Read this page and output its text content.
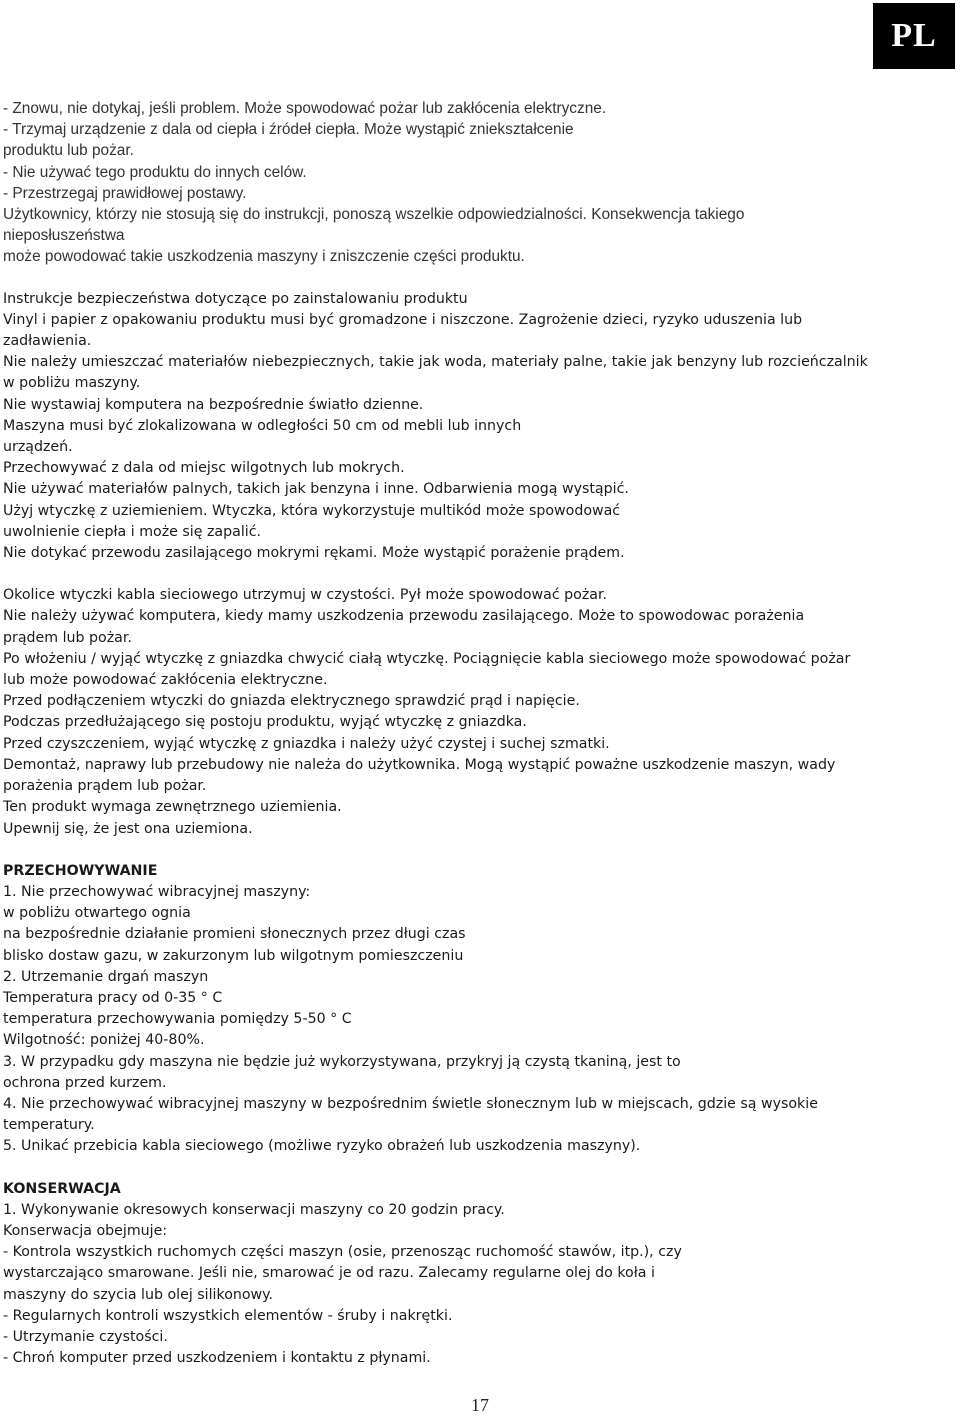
PL

- Znowu, nie dotykaj, jeśli problem. Może spowodować pożar lub zakłócenia elektryczne.

- Trzymaj urządzenie z dala od ciepła i źródeł ciepła. Może wystąpić zniekształcenie

produktu lub pożar.

- Nie używać tego produktu do innych celów.

- Przestrzegaj prawidłowej postawy.

Użytkownicy, którzy nie stosują się do instrukcji, ponoszą wszelkie odpowiedzialności. Konsekwencja takiego

nieposłuszeństwa

może powodować takie uszkodzenia maszyny i zniszczenie części produktu.

Instrukcje bezpieczeństwa dotyczące po zainstalowaniu produktu

Vinyl i papier z opakowaniu produktu musi być gromadzone i niszczone. Zagrożenie dzieci, ryzyko uduszenia lub

zadławienia.

Nie należy umieszczać materiałów niebezpiecznych, takie jak woda, materiały palne, takie jak benzyny lub rozcieńczalnik

w pobliżu maszyny.

Nie wystawiaj komputera na bezpośrednie światło dzienne.

Maszyna musi być zlokalizowana w odległości 50 cm od mebli lub innych

urządzeń.

Przechowywać z dala od miejsc wilgotnych lub mokrych.

Nie używać materiałów palnych, takich jak benzyna i inne. Odbarwienia mogą wystąpić.

Użyj wtyczkę z uziemieniem. Wtyczka, która wykorzystuje multikód może spowodować

uwolnienie ciepła i może się zapalić.

Nie dotykać przewodu zasilającego mokrymi rękami. Może wystąpić porażenie prądem.

Okolice wtyczki kabla sieciowego utrzymuj w czystości. Pył może spowodować pożar.

Nie należy używać komputera, kiedy mamy uszkodzenia przewodu zasilającego. Może to spowodowac porażenia

prądem lub pożar.

Po włożeniu / wyjąć wtyczkę z gniazdka chwycić ciałą wtyczkę. Pociągnięcie kabla sieciowego może spowodować pożar

lub może powodować zakłócenia elektryczne.

Przed podłączeniem wtyczki do gniazda elektrycznego sprawdzić prąd i napięcie.

Podczas przedłużającego się postoju produktu, wyjąć wtyczkę z gniazdka.

Przed czyszczeniem, wyjąć wtyczkę z gniazdka i należy użyć czystej i suchej szmatki.

Demontaż, naprawy lub przebudowy nie należa do użytkownika. Mogą wystąpić poważne uszkodzenie maszyn, wady

porażenia prądem lub pożar.

Ten produkt wymaga zewnętrznego uziemienia.

Upewnij się, że jest ona uziemiona.

PRZECHOWYWANIE

1. Nie przechowywać wibracyjnej maszyny:

w pobliżu otwartego ognia

na bezpośrednie działanie promieni słonecznych przez długi czas

blisko dostaw gazu, w zakurzonym lub wilgotnym pomieszczeniu

2. Utrzemanie drgań maszyn

Temperatura pracy od 0-35 ° C

temperatura przechowywania pomiędzy 5-50 ° C

Wilgotność: poniżej 40-80%.

3. W przypadku gdy maszyna nie będzie już wykorzystywana, przykryj ją czystą tkaniną, jest to

ochrona przed kurzem.

4. Nie przechowywać wibracyjnej maszyny w bezpośrednim świetle słonecznym lub w miejscach, gdzie są wysokie

temperatury.

5. Unikać przebicia kabla sieciowego (możliwe ryzyko obrażeń lub uszkodzenia maszyny).

KONSERWACJA

1. Wykonywanie okresowych konserwacji maszyny co 20 godzin pracy.

Konserwacja obejmuje:

- Kontrola wszystkich ruchomych części maszyn (osie, przenosząc ruchomość stawów, itp.), czy

wystarczająco smarowane. Jeśli nie, smarować je od razu. Zalecamy regularne olej do koła i

maszyny do szycia lub olej silikonowy.

- Regularnych kontroli wszystkich elementów - śruby i nakrętki.

- Utrzymanie czystości.

- Chroń komputer przed uszkodzeniem i kontaktu z płynami.

17
